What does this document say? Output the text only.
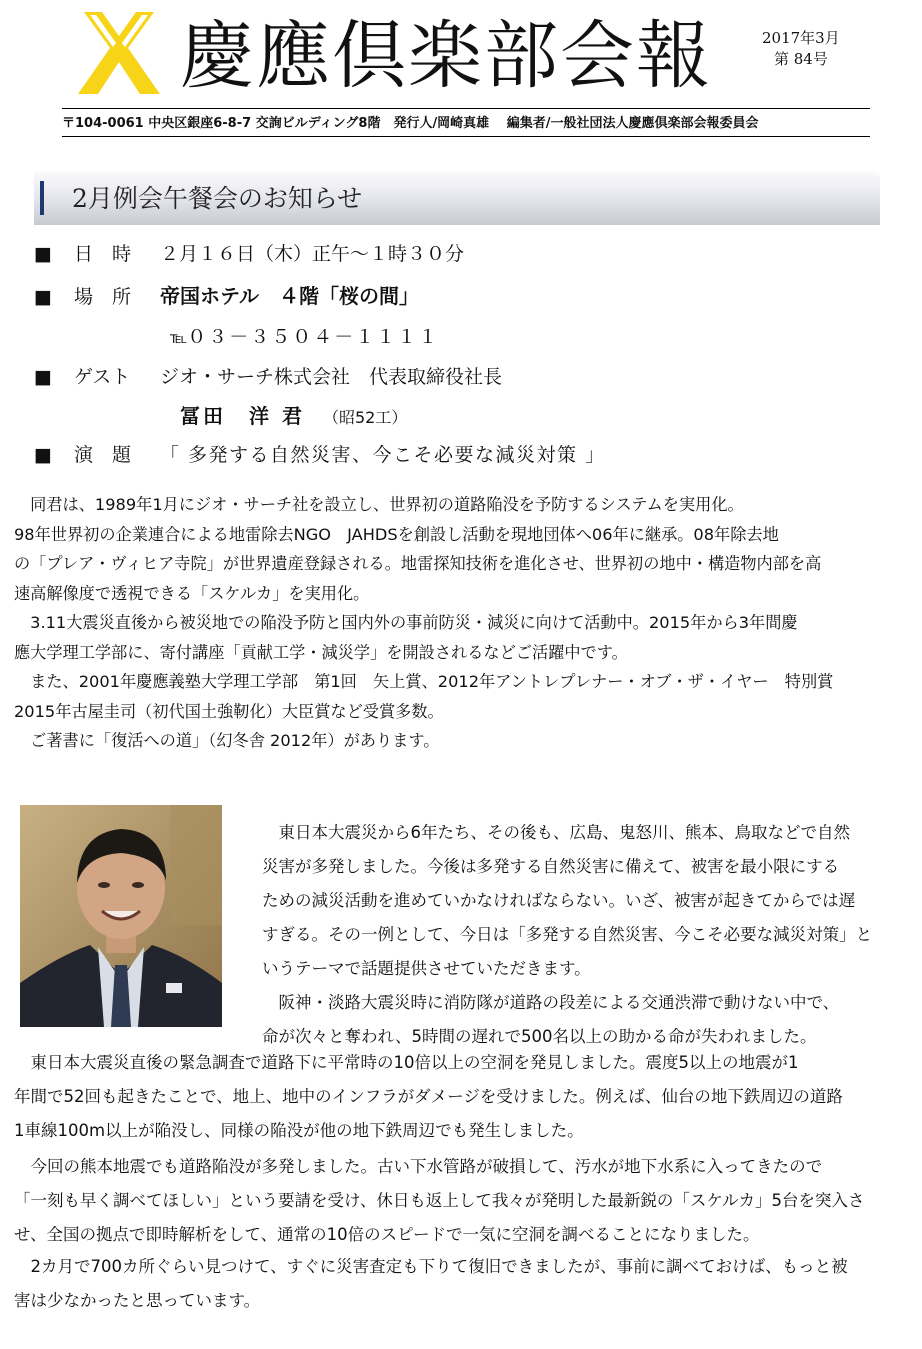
慶應倶楽部会報	2017年3月
第 84号
〒104-0061 中央区銀座6-8-7 交詢ビルディング8階　発行人/岡崎真雄　 編集者/一般社団法人慶應倶楽部会報委員会
2月例会午餐会のお知らせ
■ 日　時 ２月１６日（木）正午～１時３０分
■ 場　所 帝国ホテル　４階「桜の間」
℡０３－３５０４－１１１１
■ ゲスト ジオ・サーチ株式会社　代表取締役社長
冨田　洋 君 （昭52工）
■ 演　題 「 多発する自然災害、今こそ必要な減災対策 」

　同君は、1989年1月にジオ・サーチ社を設立し、世界初の道路陥没を予防するシステムを実用化。

98年世界初の企業連合による地雷除去NGO　JAHDSを創設し活動を現地団体へ06年に継承。08年除去地

の「プレア・ヴィヒア寺院」が世界遺産登録される。地雷探知技術を進化させ、世界初の地中・構造物内部を高

速高解像度で透視できる「スケルカ」を実用化。

　3.11大震災直後から被災地での陥没予防と国内外の事前防災・減災に向けて活動中。2015年から3年間慶

應大学理工学部に、寄付講座「貢献工学・減災学」を開設されるなどご活躍中です。

　また、2001年慶應義塾大学理工学部　第1回　矢上賞、2012年アントレプレナー・オブ・ザ・イヤー　特別賞

2015年古屋圭司（初代国土強靭化）大臣賞など受賞多数。

　ご著書に「復活への道」（幻冬舎 2012年）があります。

　東日本大震災から6年たち、その後も、広島、鬼怒川、熊本、鳥取などで自然

災害が多発しました。今後は多発する自然災害に備えて、被害を最小限にする

ための減災活動を進めていかなければならない。いざ、被害が起きてからでは遅

すぎる。その一例として、今日は「多発する自然災害、今こそ必要な減災対策」と

いうテーマで話題提供させていただきます。

　阪神・淡路大震災時に消防隊が道路の段差による交通渋滞で動けない中で、

命が次々と奪われ、5時間の遅れで500名以上の助かる命が失われました。

　東日本大震災直後の緊急調査で道路下に平常時の10倍以上の空洞を発見しました。震度5以上の地震が1

年間で52回も起きたことで、地上、地中のインフラがダメージを受けました。例えば、仙台の地下鉄周辺の道路

1車線100m以上が陥没し、同様の陥没が他の地下鉄周辺でも発生しました。

　今回の熊本地震でも道路陥没が多発しました。古い下水管路が破損して、汚水が地下水系に入ってきたので

「一刻も早く調べてほしい」という要請を受け、休日も返上して我々が発明した最新鋭の「スケルカ」5台を突入さ

せ、全国の拠点で即時解析をして、通常の10倍のスピードで一気に空洞を調べることになりました。

　2カ月で700カ所ぐらい見つけて、すぐに災害査定も下りて復旧できましたが、事前に調べておけば、もっと被

害は少なかったと思っています。
